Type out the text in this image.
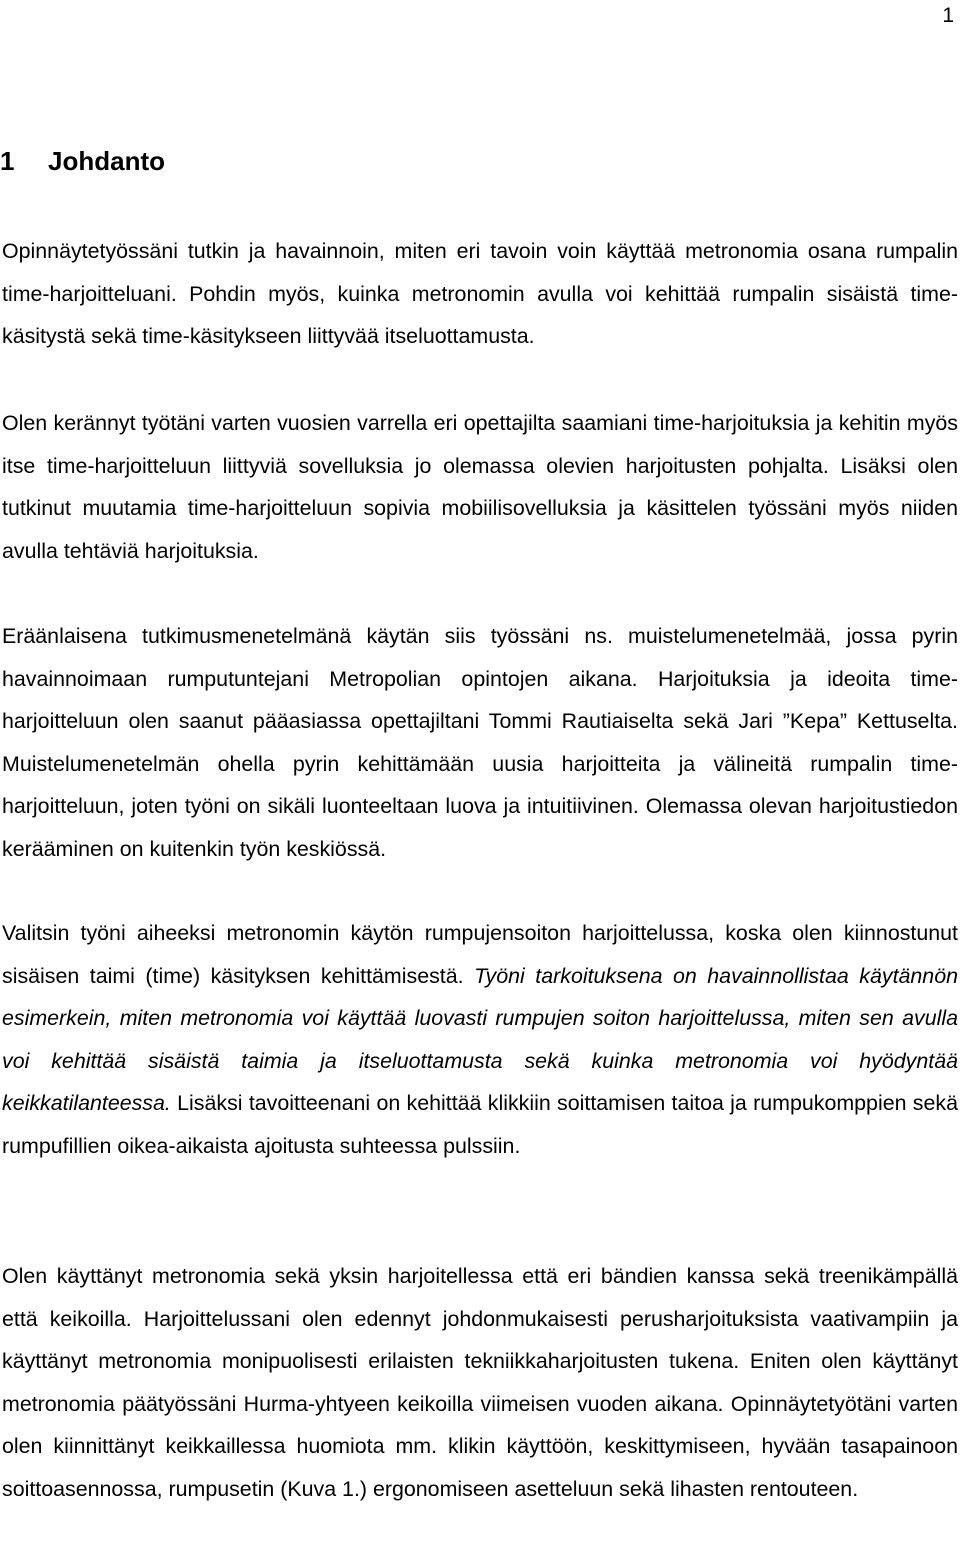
1
1 Johdanto

Opinnäytetyössäni tutkin ja havainnoin, miten eri tavoin voin käyttää metronomia osana rumpalin time-harjoitteluani. Pohdin myös, kuinka metronomin avulla voi kehittää rumpalin sisäistä time-käsitystä sekä time-käsitykseen liittyvää itseluottamusta.

Olen kerännyt työtäni varten vuosien varrella eri opettajilta saamiani time-harjoituksia ja kehitin myös itse time-harjoitteluun liittyviä sovelluksia jo olemassa olevien harjoitusten pohjalta. Lisäksi olen tutkinut muutamia time-harjoitteluun sopivia mobiilisovelluksia ja käsittelen työssäni myös niiden avulla tehtäviä harjoituksia.

Eräänlaisena tutkimusmenetelmänä käytän siis työssäni ns. muistelumenetelmää, jossa pyrin havainnoimaan rumputuntejani Metropolian opintojen aikana. Harjoituksia ja ideoita time-harjoitteluun olen saanut pääasiassa opettajiltani Tommi Rautiaiselta sekä Jari ”Kepa” Kettuselta. Muistelumenetelmän ohella pyrin kehittämään uusia harjoitteita ja välineitä rumpalin time-harjoitteluun, joten työni on sikäli luonteeltaan luova ja intuitiivinen. Olemassa olevan harjoitustiedon kerääminen on kuitenkin työn keskiössä.

Valitsin työni aiheeksi metronomin käytön rumpujensoiton harjoittelussa, koska olen kiinnostunut sisäisen taimi (time) käsityksen kehittämisestä. Työni tarkoituksena on havainnollistaa käytännön esimerkein, miten metronomia voi käyttää luovasti rumpujen soiton harjoittelussa, miten sen avulla voi kehittää sisäistä taimia ja itseluottamusta sekä kuinka metronomia voi hyödyntää keikkatilanteessa. Lisäksi tavoitteenani on kehittää klikkiin soittamisen taitoa ja rumpukomppien sekä rumpufillien oikea-aikaista ajoitusta suhteessa pulssiin.

Olen käyttänyt metronomia sekä yksin harjoitellessa että eri bändien kanssa sekä treenikämpällä että keikoilla. Harjoittelussani olen edennyt johdonmukaisesti perusharjoituksista vaativampiin ja käyttänyt metronomia monipuolisesti erilaisten tekniikkaharjoitusten tukena. Eniten olen käyttänyt metronomia päätyössäni Hurma-yhtyeen keikoilla viimeisen vuoden aikana. Opinnäytetyötäni varten olen kiinnittänyt keikkaillessa huomiota mm. klikin käyttöön, keskittymiseen, hyvään tasapainoon soittoasennossa, rumpusetin (Kuva 1.) ergonomiseen asetteluun sekä lihasten rentouteen.
